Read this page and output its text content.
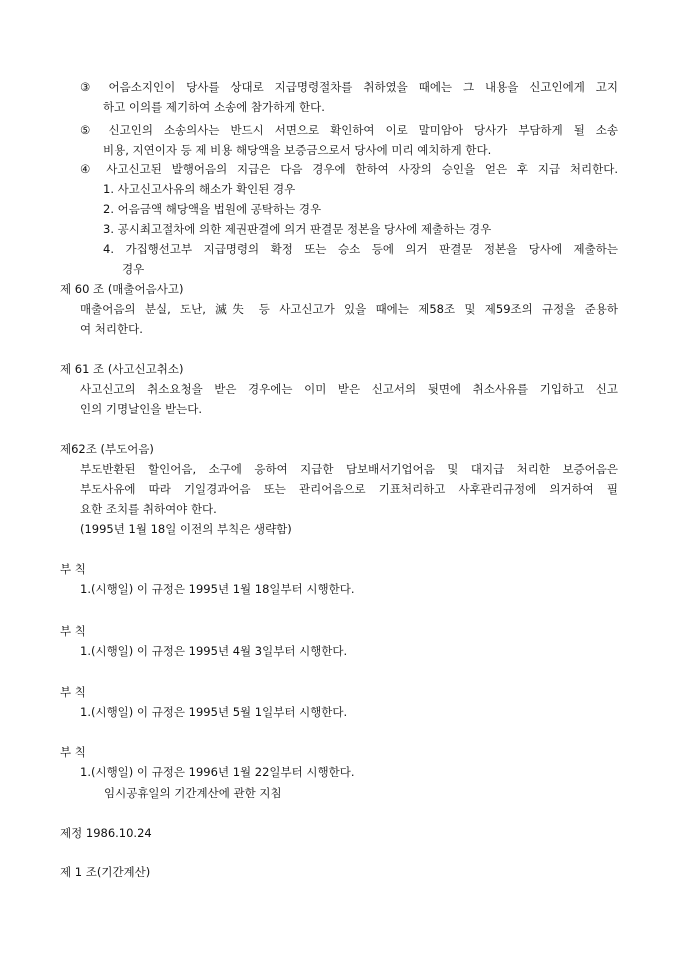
③ 어음소지인이 당사를 상대로 지급명령절차를 취하였을 때에는 그 내용을 신고인에게 고지
하고 이의를 제기하여 소송에 참가하게 한다.
⑤ 신고인의 소송의사는 반드시 서면으로 확인하여 이로 말미암아 당사가 부담하게 될 소송
비용, 지연이자 등 제 비용 해당액을 보증금으로서 당사에 미리 예치하게 한다.
④ 사고신고된 발행어음의 지급은 다음 경우에 한하여 사장의 승인을 얻은 후 지급 처리한다.
1. 사고신고사유의 해소가 확인된 경우
2. 어음금액 해당액을 법원에 공탁하는 경우
3. 공시최고절차에 의한 제권판결에 의거 판결문 정본을 당사에 제출하는 경우
4. 가집행선고부 지급명령의 확정 또는 승소 등에 의거 판결문 정본을 당사에 제출하는
경우
제 60 조 (매출어음사고)
매출어음의 분실, 도난, 滅失 등 사고신고가 있을 때에는 제58조 및 제59조의 규정을 준용하
여 처리한다.
제 61 조 (사고신고취소)
사고신고의 취소요청을 받은 경우에는 이미 받은 신고서의 뒷면에 취소사유를 기입하고 신고
인의 기명날인을 받는다.
제62조 (부도어음)
부도반환된 할인어음, 소구에 응하여 지급한 담보배서기업어음 및 대지급 처리한 보증어음은
부도사유에 따라 기일경과어음 또는 관리어음으로 기표처리하고 사후관리규정에 의거하여 필
요한 조치를 취하여야 한다.
(1995년 1월 18일 이전의 부칙은 생략함)
부 칙
1.(시행일) 이 규정은 1995년 1월 18일부터 시행한다.
부 칙
1.(시행일) 이 규정은 1995년 4월 3일부터 시행한다.
부 칙
1.(시행일) 이 규정은 1995년 5월 1일부터 시행한다.
부 칙
1.(시행일) 이 규정은 1996년 1월 22일부터 시행한다.
임시공휴일의 기간계산에 관한 지침
제정 1986.10.24
제 1 조(기간계산)
